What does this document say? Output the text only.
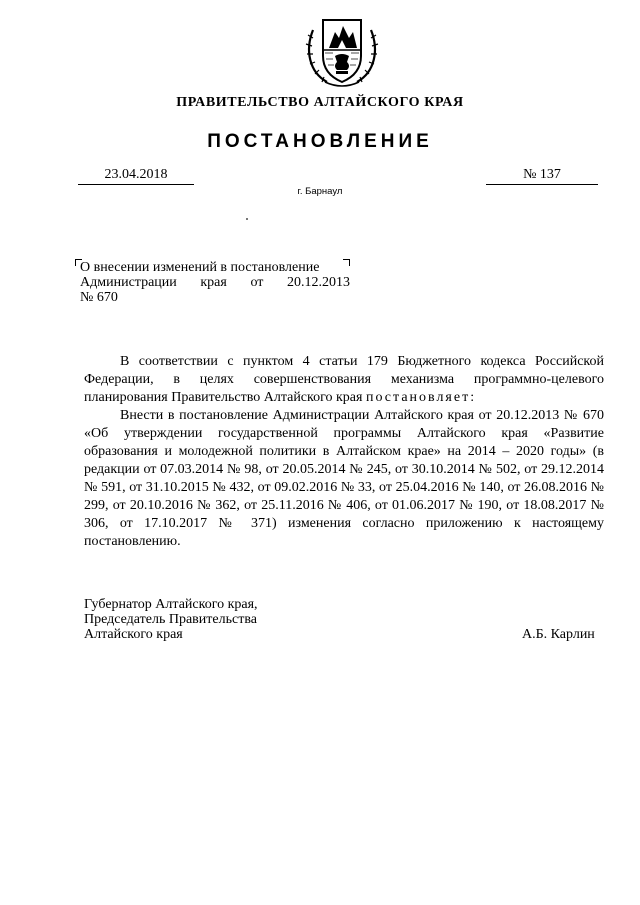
ПРАВИТЕЛЬСТВО АЛТАЙСКОГО КРАЯ
ПОСТАНОВЛЕНИЕ
23.04.2018	№ 137
г. Барнаул
О внесении изменений в постановление
Администрации края от 20.12.2013
№ 670

В соответствии с пунктом 4 статьи 179 Бюджетного кодекса Российской Федерации, в целях совершенствования механизма программно-целевого планирования Правительство Алтайского края постановляет:

Внести в постановление Администрации Алтайского края от 20.12.2013 № 670 «Об утверждении государственной программы Алтайского края «Развитие образования и молодежной политики в Алтайском крае» на 2014 – 2020 годы» (в редакции от 07.03.2014 № 98, от 20.05.2014 № 245, от 30.10.2014 № 502, от 29.12.2014 № 591, от 31.10.2015 № 432, от 09.02.2016 № 33, от 25.04.2016 № 140, от 26.08.2016 № 299, от 20.10.2016 № 362, от 25.11.2016 № 406, от 01.06.2017 № 190, от 18.08.2017 № 306, от 17.10.2017 № 371) изменения согласно приложению к настоящему постановлению.

Губернатор Алтайского края,
Председатель Правительства
Алтайского края	А.Б. Карлин
